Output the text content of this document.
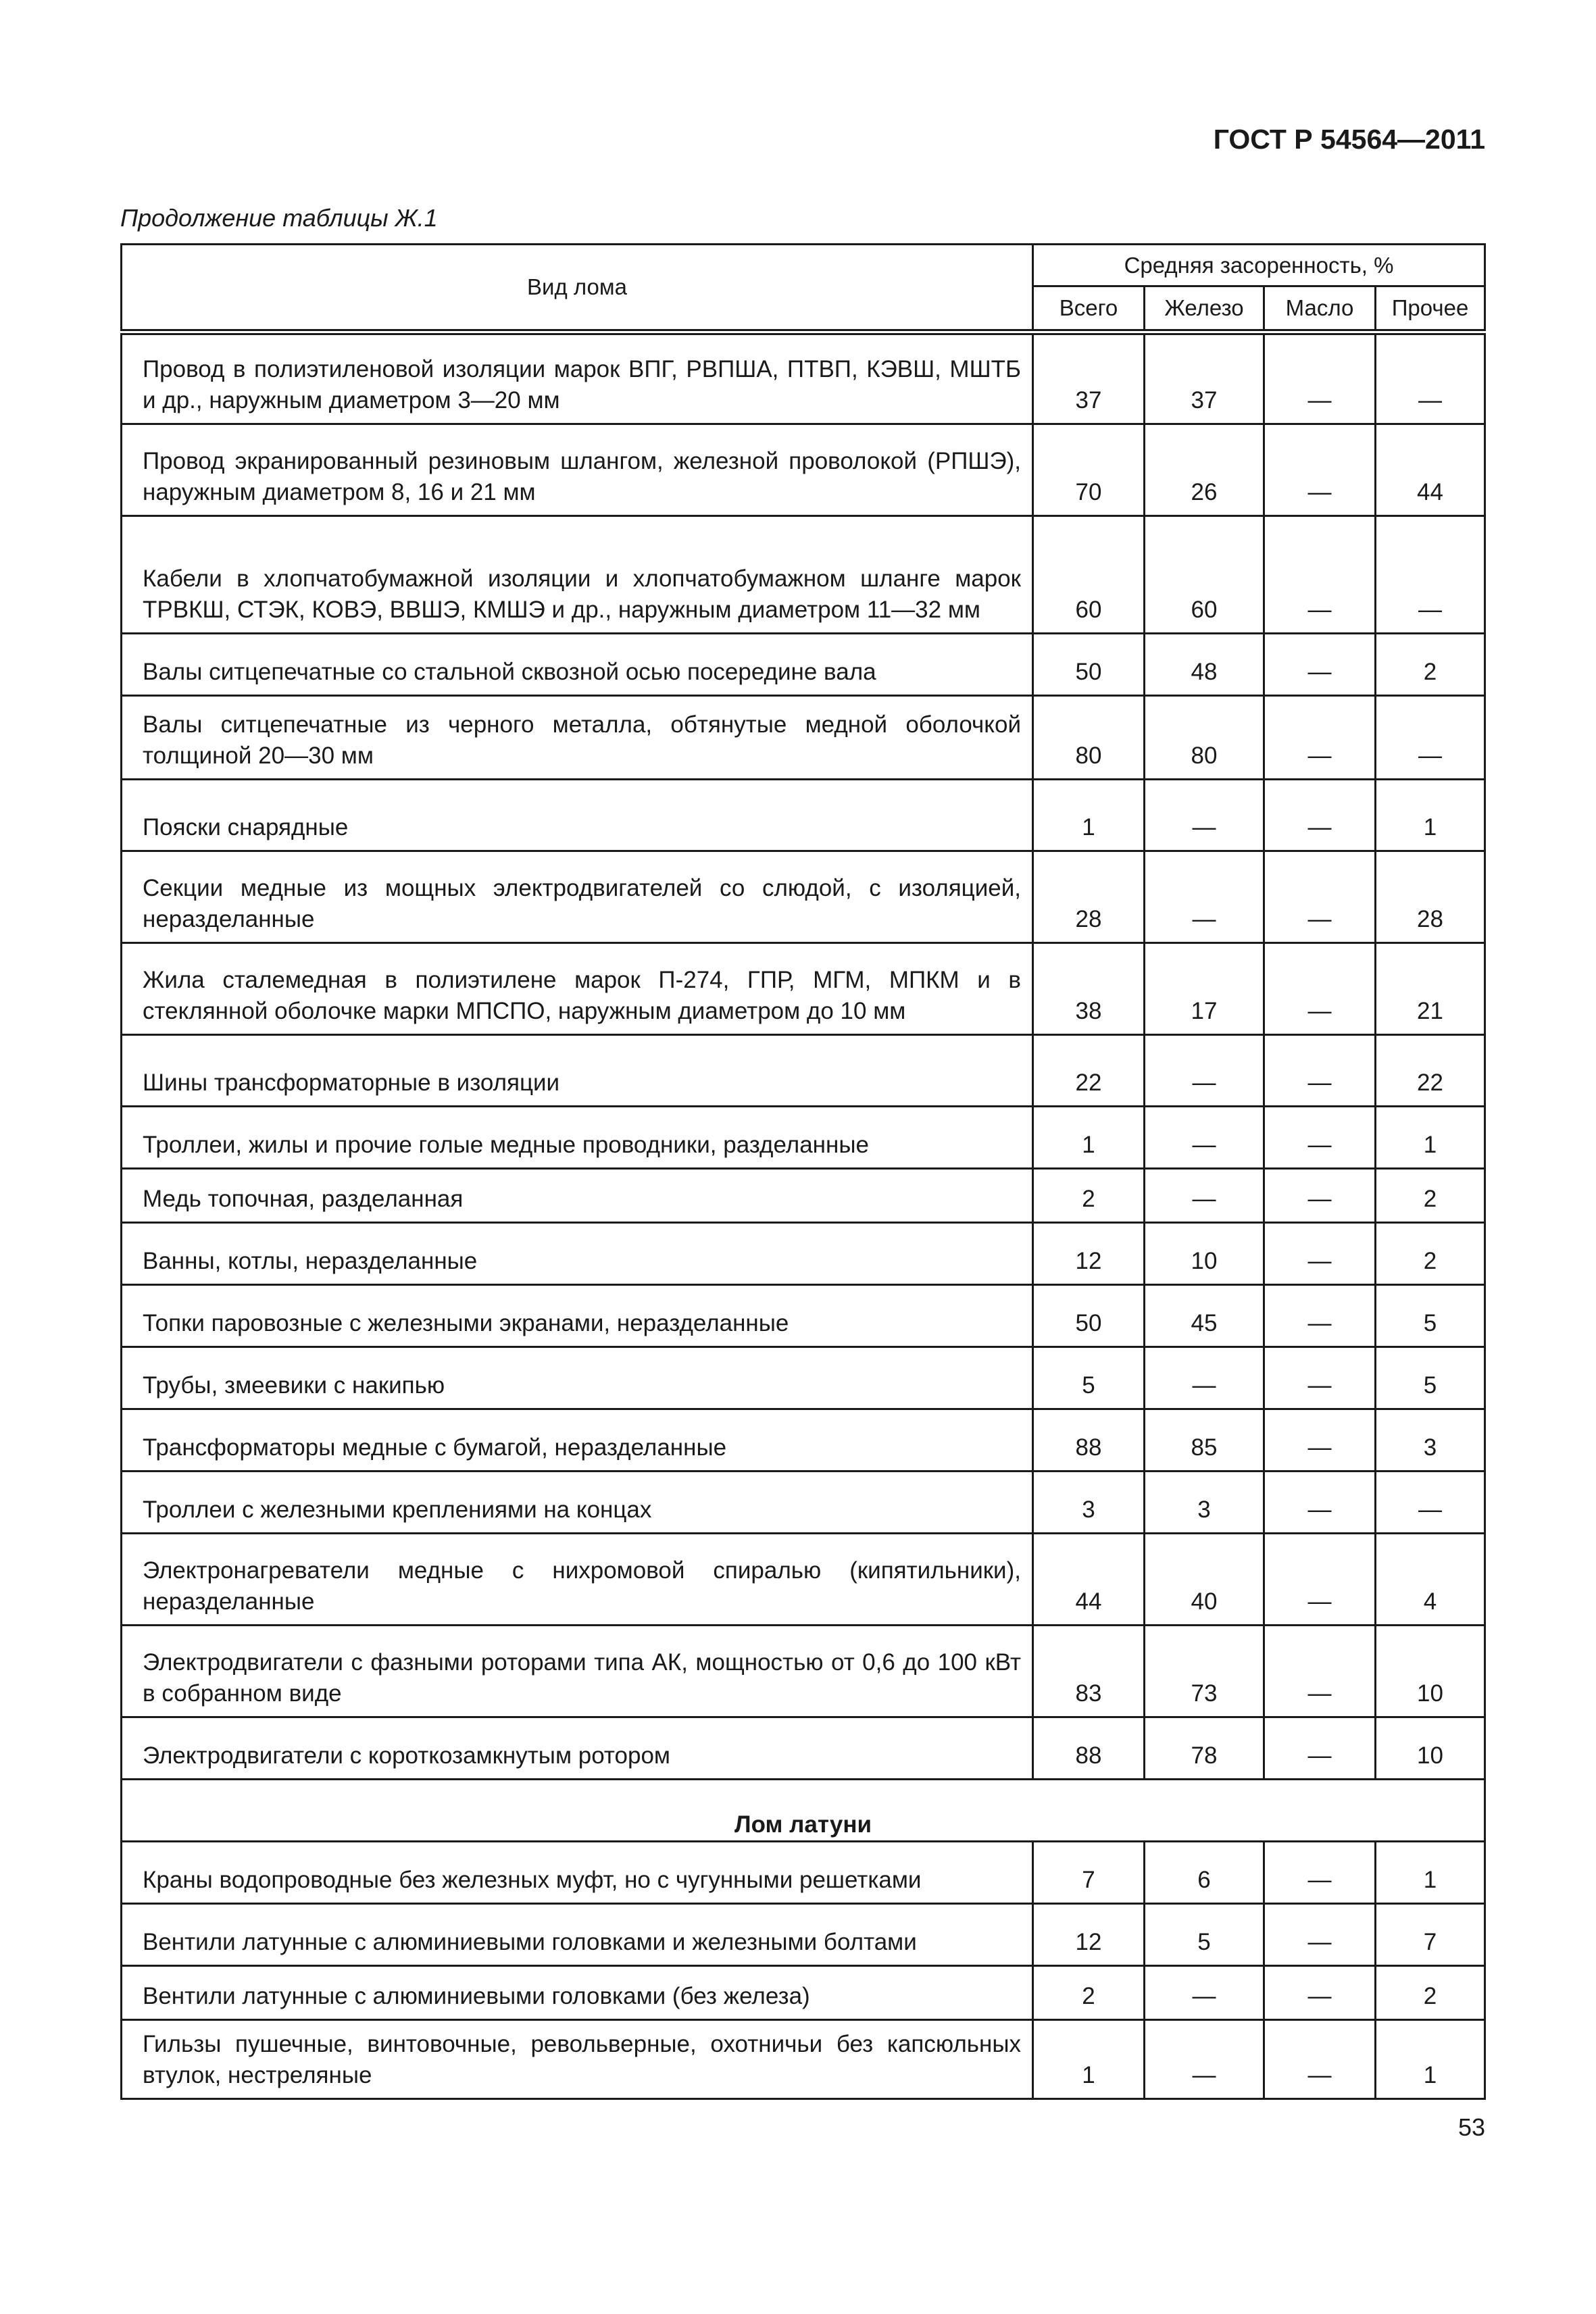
ГОСТ Р 54564—2011
Продолжение таблицы Ж.1
Вид лома	Средняя засоренность, %			
	Всего	Железо	Масло	Прочее
Провод в полиэтиленовой изоляции марок ВПГ, РВПША, ПТВП, КЭВШ, МШТБ и др., наружным диаметром 3—20 мм	37	37	—	—
Провод экранированный резиновым шлангом, железной проволокой (РПШЭ), наружным диаметром 8, 16 и 21 мм	70	26	—	44
Кабели в хлопчатобумажной изоляции и хлопчатобумажном шланге марок ТРВКШ, СТЭК, КОВЭ, ВВШЭ, КМШЭ и др., наружным диаметром 11—32 мм	60	60	—	—
Валы ситцепечатные со стальной сквозной осью посередине вала	50	48	—	2
Валы ситцепечатные из черного металла, обтянутые медной оболочкой толщиной 20—30 мм	80	80	—	—
Пояски снарядные	1	—	—	1
Секции медные из мощных электродвигателей со слюдой, с изоляцией, неразделанные	28	—	—	28
Жила сталемедная в полиэтилене марок П-274, ГПР, МГМ, МПКМ и в стеклянной оболочке марки МПСПО, наружным диаметром до 10 мм	38	17	—	21
Шины трансформаторные в изоляции	22	—	—	22
Троллеи, жилы и прочие голые медные проводники, разделанные	1	—	—	1
Медь топочная, разделанная	2	—	—	2
Ванны, котлы, неразделанные	12	10	—	2
Топки паровозные с железными экранами, неразделанные	50	45	—	5
Трубы, змеевики с накипью	5	—	—	5
Трансформаторы медные с бумагой, неразделанные	88	85	—	3
Троллеи с железными креплениями на концах	3	3	—	—
Электронагреватели медные с нихромовой спиралью (кипятильники), неразделанные	44	40	—	4
Электродвигатели с фазными роторами типа АК, мощностью от 0,6 до 100 кВт в собранном виде	83	73	—	10
Электродвигатели с короткозамкнутым ротором	88	78	—	10
Лом латуни				
Краны водопроводные без железных муфт, но с чугунными решетками	7	6	—	1
Вентили латунные с алюминиевыми головками и железными болтами	12	5	—	7
Вентили латунные с алюминиевыми головками (без железа)	2	—	—	2
Гильзы пушечные, винтовочные, револьверные, охотничьи без капсюльных втулок, нестреляные	1	—	—	1
53
